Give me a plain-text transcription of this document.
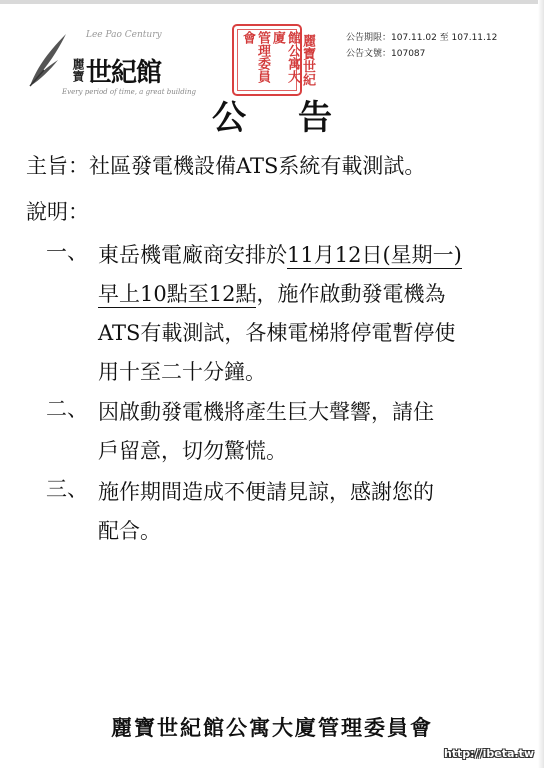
Lee Pao Century
麗寶 世紀館
Every period of time, a great building
麗寶世紀
館公寓大廈
管理委員會	公告期限：107.11.02 至 107.11.12
公告文號：107087
公告
主旨：社區發電機設備ATS系統有載測試。
說明：
一、 東岳機電廠商安排於11月12日(星期一)
早上10點至12點，施作啟動發電機為
ATS有載測試，各棟電梯將停電暫停使
用十至二十分鐘。
二、 因啟動發電機將產生巨大聲響，請住
戶留意，切勿驚慌。
三、 施作期間造成不便請見諒，感謝您的
配合。
麗寶世紀館公寓大廈管理委員會
http://ibeta.tw
